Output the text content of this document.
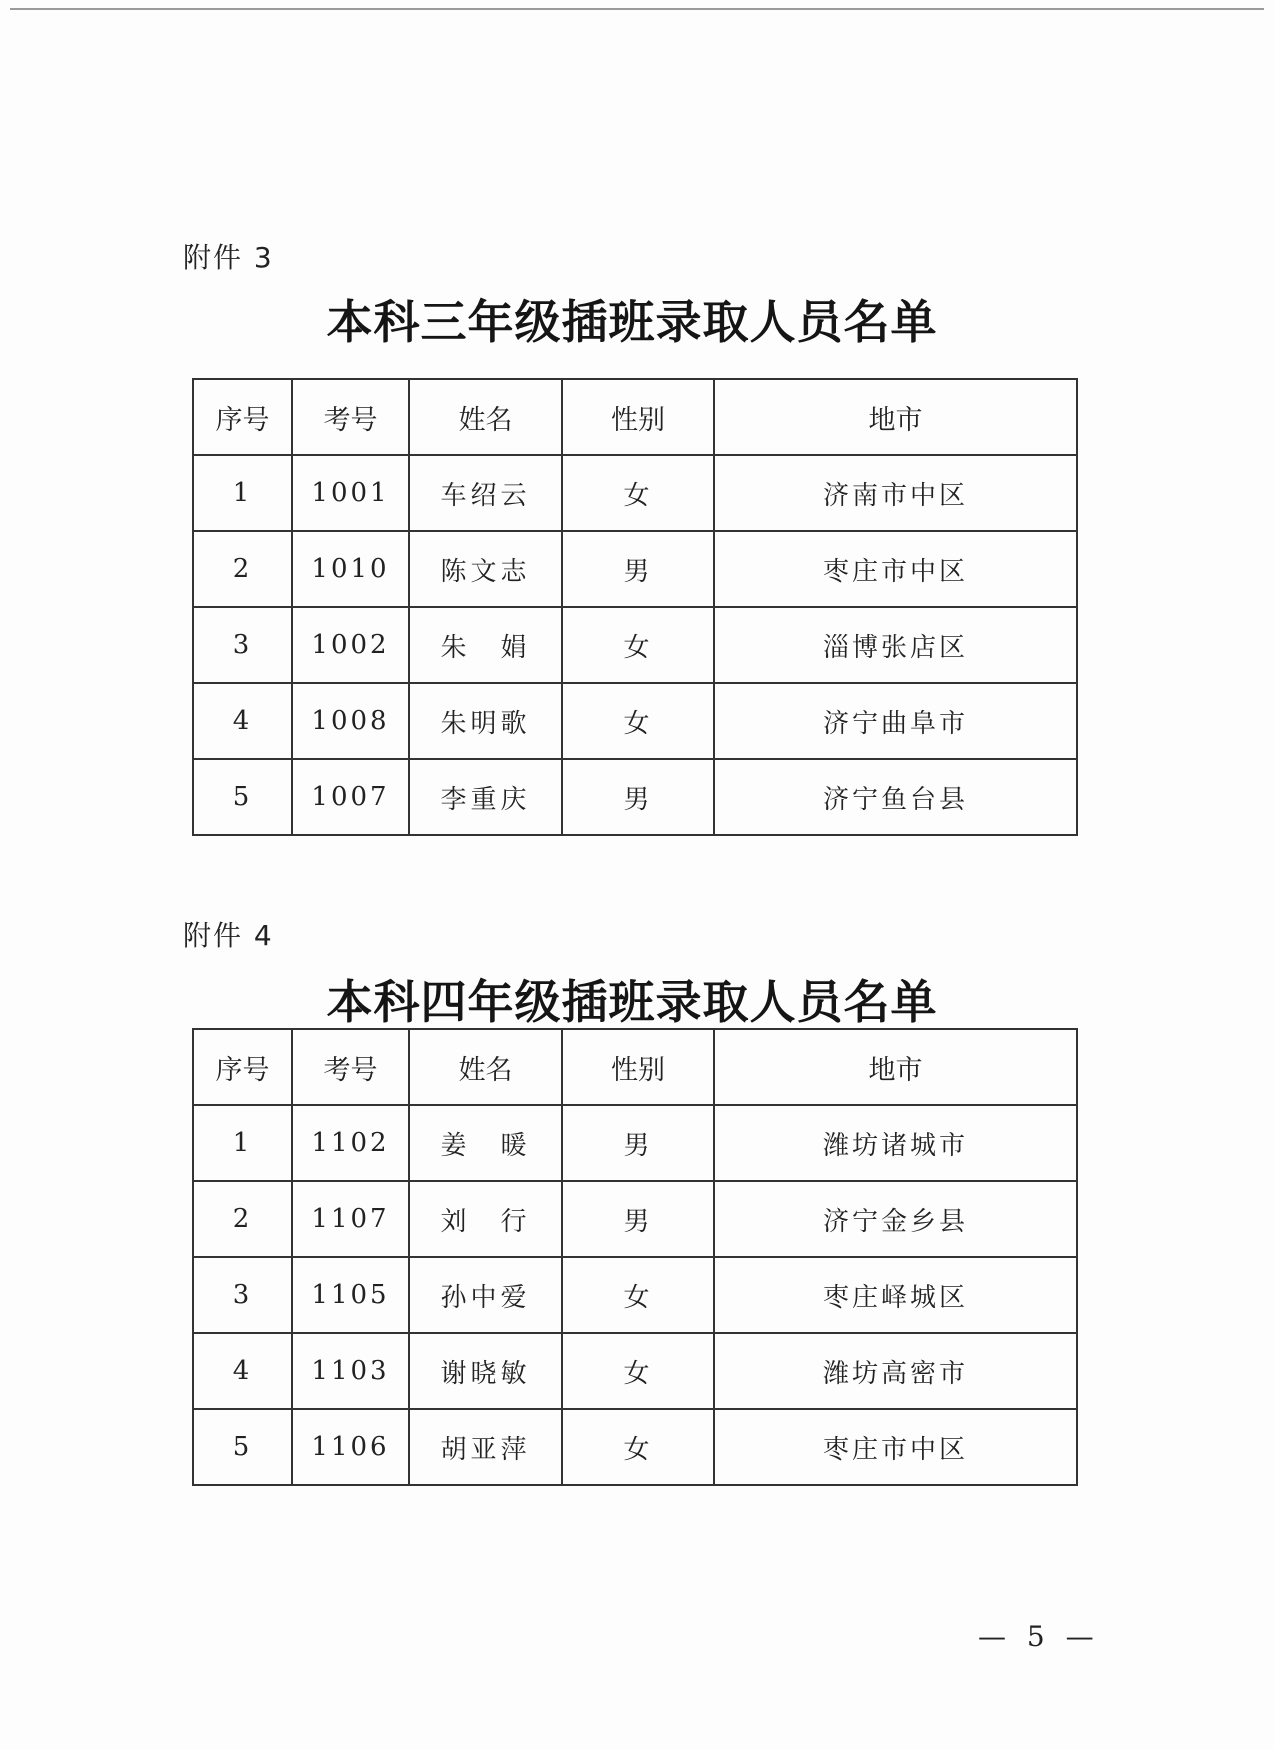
附件 3
本科三年级插班录取人员名单
序号	考号	姓名	性别	地市
1	1001	车绍云	女	济南市中区
2	1010	陈文志	男	枣庄市中区
3	1002	朱　娟	女	淄博张店区
4	1008	朱明歌	女	济宁曲阜市
5	1007	李重庆	男	济宁鱼台县
附件 4
本科四年级插班录取人员名单
序号	考号	姓名	性别	地市
1	1102	姜　暖	男	潍坊诸城市
2	1107	刘　行	男	济宁金乡县
3	1105	孙中爱	女	枣庄峄城区
4	1103	谢晓敏	女	潍坊高密市
5	1106	胡亚萍	女	枣庄市中区
— 5 —
